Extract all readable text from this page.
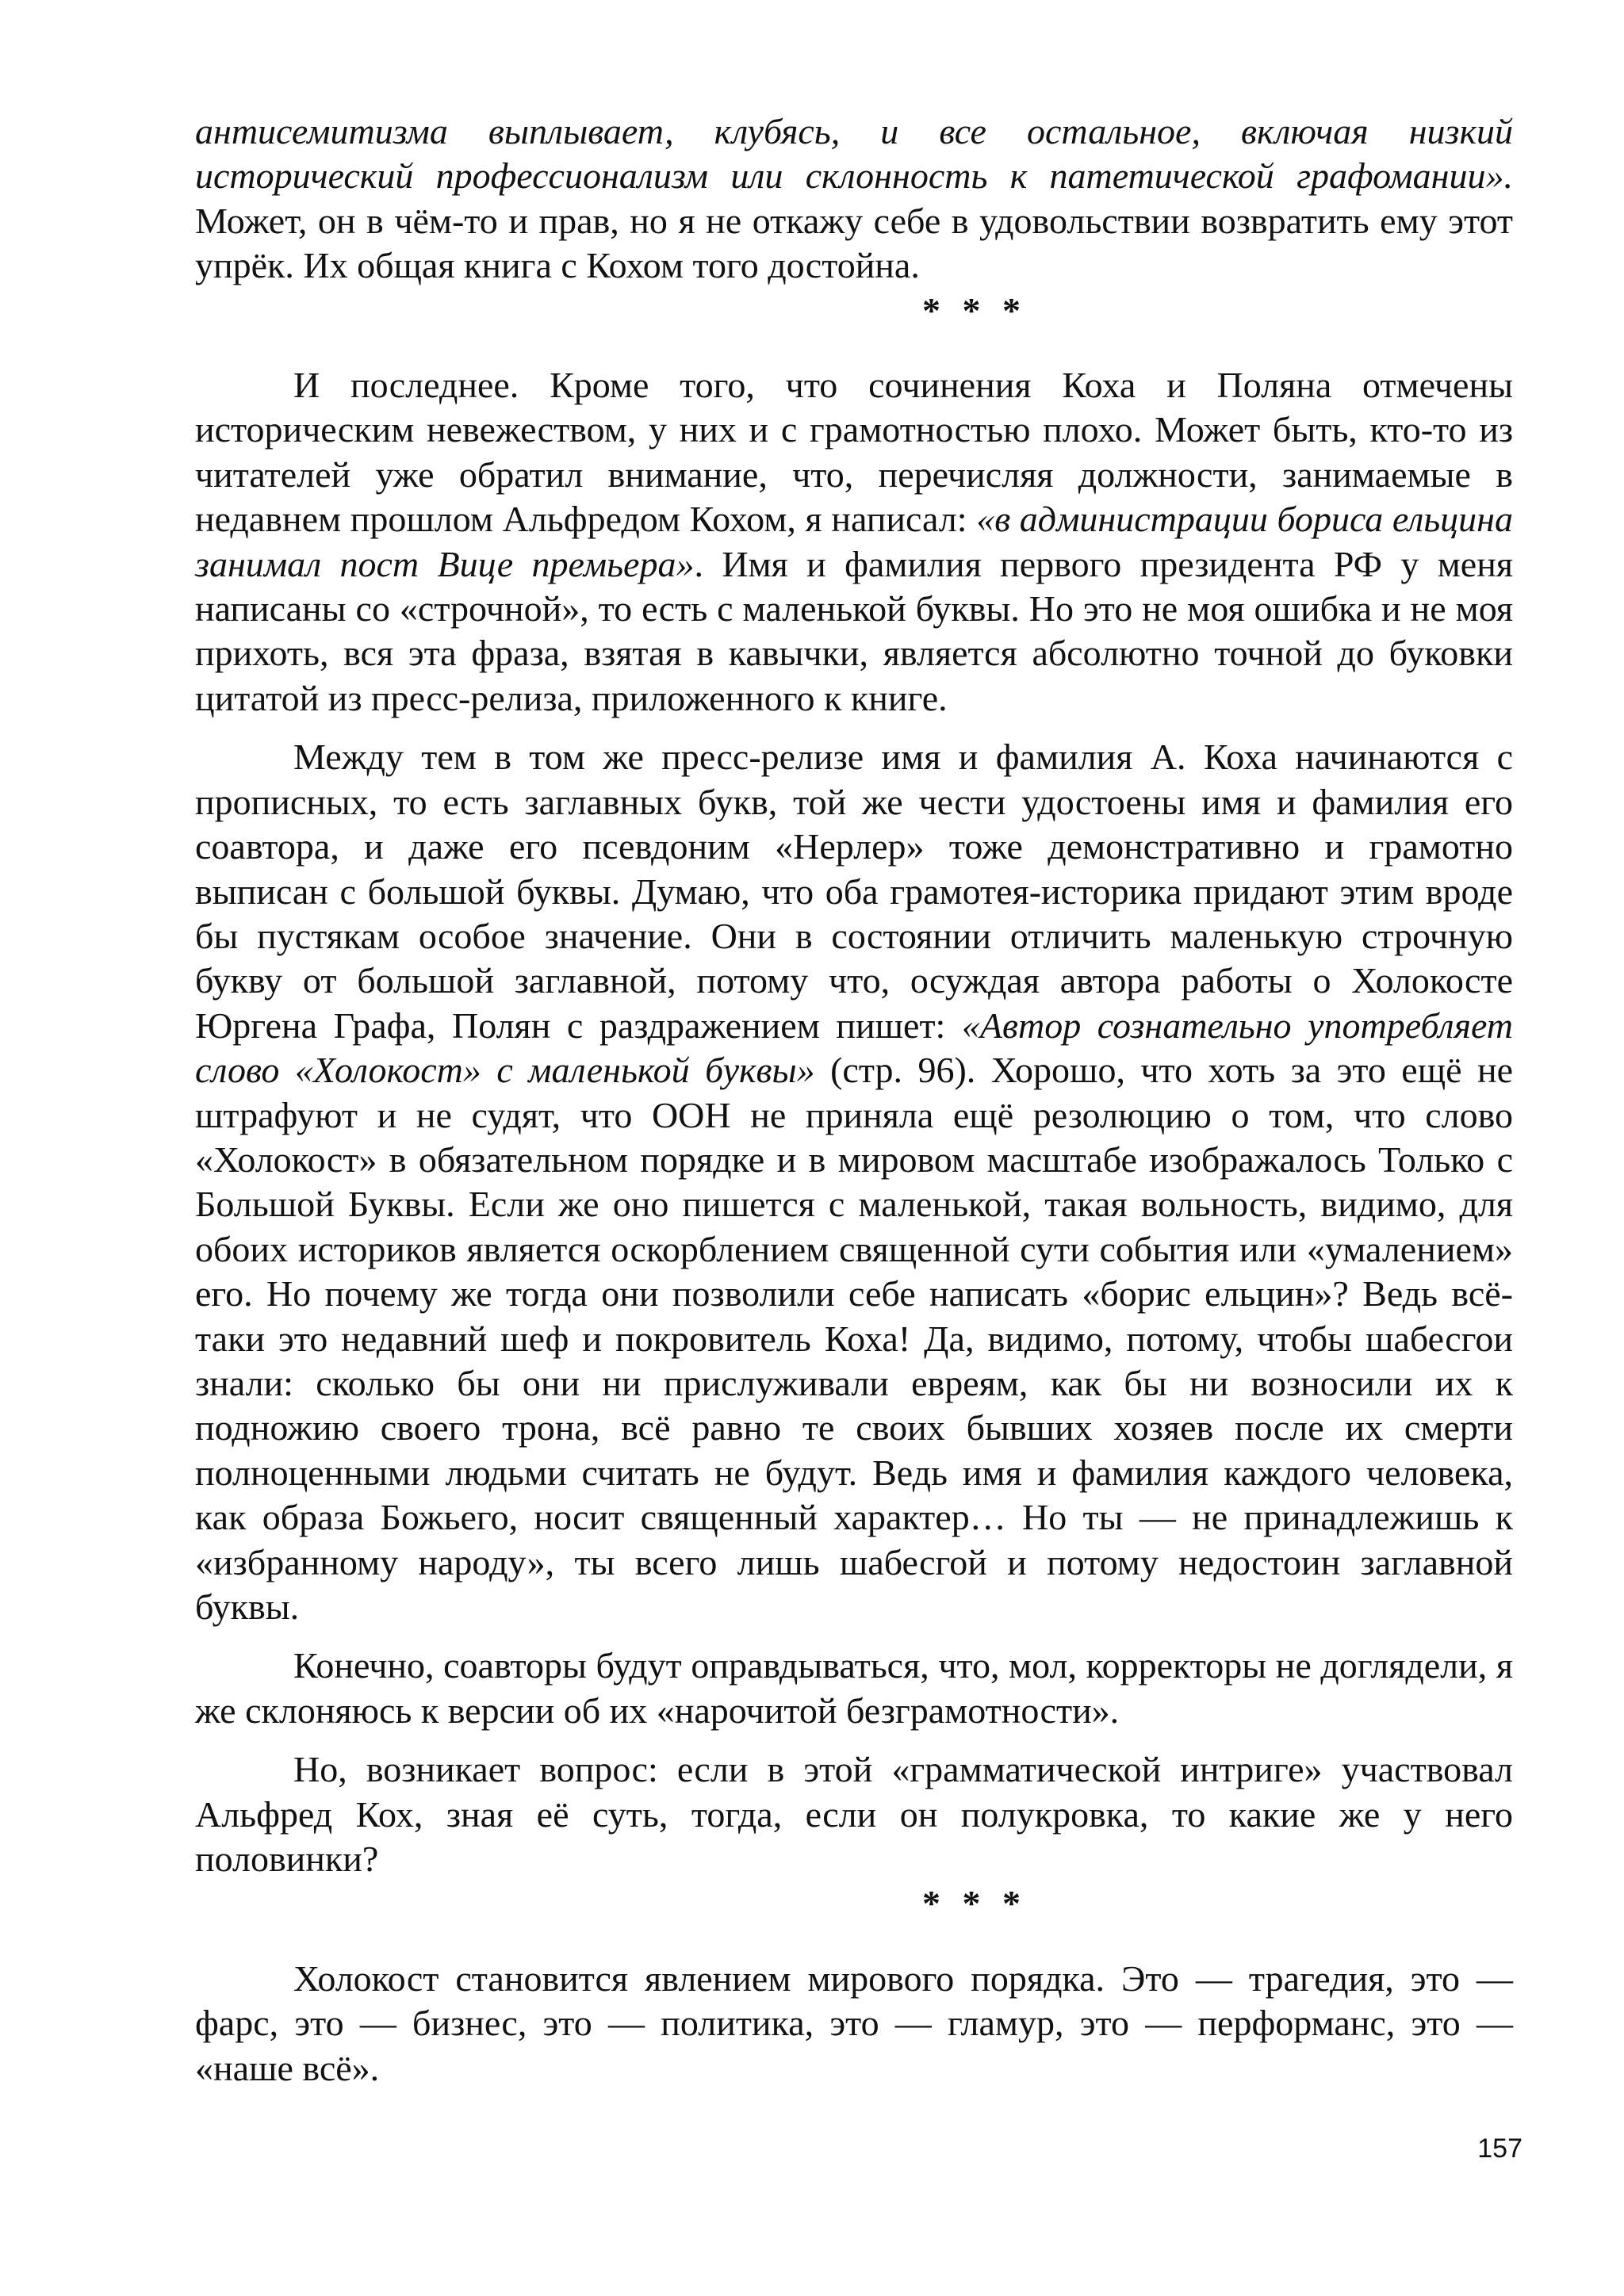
антисемитизма выплывает, клубясь, и все остальное, включая низкий исторический профессионализм или склонность к патетической графомании». Может, он в чём-то и прав, но я не откажу себе в удовольствии возвратить ему этот упрёк. Их общая книга с Кохом того достойна.

* * *

И последнее. Кроме того, что сочинения Коха и Поляна отмечены историческим невежеством, у них и с грамотностью плохо. Может быть, кто-то из читателей уже обратил внимание, что, перечисляя должности, занимаемые в недавнем прошлом Альфредом Кохом, я написал: «в администрации бориса ельцина занимал пост Вице премьера». Имя и фамилия первого президента РФ у меня написаны со «строчной», то есть с маленькой буквы. Но это не моя ошибка и не моя прихоть, вся эта фраза, взятая в кавычки, является абсолютно точной до буковки цитатой из пресс-релиза, приложенного к книге.

Между тем в том же пресс-релизе имя и фамилия А. Коха начинаются с прописных, то есть заглавных букв, той же чести удостоены имя и фамилия его соавтора, и даже его псевдоним «Нерлер» тоже демонстративно и грамотно выписан с большой буквы. Думаю, что оба грамотея-историка придают этим вроде бы пустякам особое значение. Они в состоянии отличить маленькую строчную букву от большой заглавной, потому что, осуждая автора работы о Холокосте Юргена Графа, Полян с раздражением пишет: «Автор сознательно употребляет слово «Холокост» с маленькой буквы» (стр. 96). Хорошо, что хоть за это ещё не штрафуют и не судят, что ООН не приняла ещё резолюцию о том, что слово «Холокост» в обязательном порядке и в мировом масштабе изображалось Только с Большой Буквы. Если же оно пишется с маленькой, такая вольность, видимо, для обоих историков является оскорблением священной сути события или «умалением» его. Но почему же тогда они позволили себе написать «борис ельцин»? Ведь всё-таки это недавний шеф и покровитель Коха! Да, видимо, потому, чтобы шабесгои знали: сколько бы они ни прислуживали евреям, как бы ни возносили их к подножию своего трона, всё равно те своих бывших хозяев после их смерти полноценными людьми считать не будут. Ведь имя и фамилия каждого человека, как образа Божьего, носит священный характер… Но ты — не принадлежишь к «избранному народу», ты всего лишь шабесгой и потому недостоин заглавной буквы.

Конечно, соавторы будут оправдываться, что, мол, корректоры не доглядели, я же склоняюсь к версии об их «нарочитой безграмотности».

Но, возникает вопрос: если в этой «грамматической интриге» участвовал Альфред Кох, зная её суть, тогда, если он полукровка, то какие же у него половинки?

* * *

Холокост становится явлением мирового порядка. Это — трагедия, это — фарс, это — бизнес, это — политика, это — гламур, это — перформанс, это — «наше всё».

157
